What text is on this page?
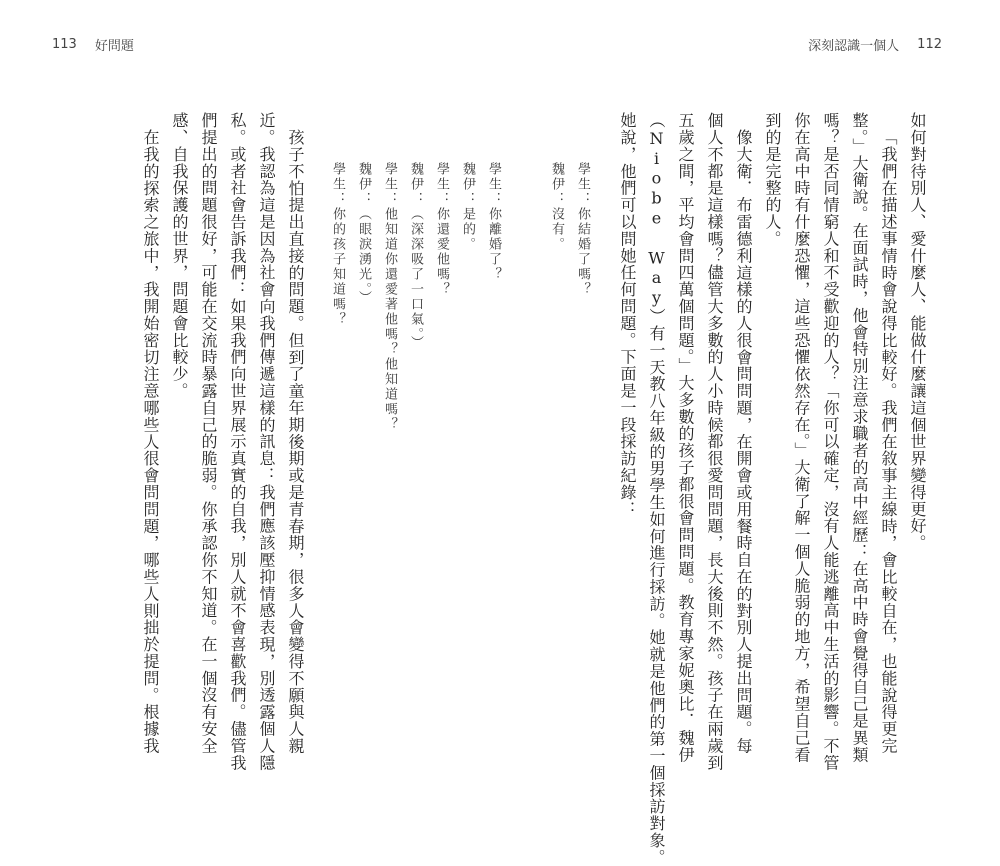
113 好問題	深刻認識一個人 112
如何對待別人、愛什麼人、能做什麼讓這個世界變得更好。
「我們在描述事情時會說得比較好。我們在敘事主線時，會比較自在，也能說得更完
整。」大衛說。在面試時，他會特別注意求職者的高中經歷：在高中時會覺得自己是異類
嗎？是否同情窮人和不受歡迎的人？「你可以確定，沒有人能逃離高中生活的影響。不管
你在高中時有什麼恐懼，這些恐懼依然存在。」大衛了解一個人脆弱的地方，希望自己看
到的是完整的人。
像大衛．布雷德利這樣的人很會問問題，在開會或用餐時自在的對別人提出問題。每
個人不都是這樣嗎？儘管大多數的人小時候都很愛問問題，長大後則不然。孩子在兩歲到
五歲之間，平均會問四萬個問題。」大多數的孩子都很會問問題。教育專家妮奧比．魏伊
（Niobe Way）有一天教八年級的男學生如何進行採訪。她就是他們的第一個採訪對象。
她說，他們可以問她任何問題。下面是一段採訪紀錄：
學生：你結婚了嗎？
魏伊：沒有。
學生：你離婚了？
魏伊：是的。
學生：你還愛他嗎？
魏伊：（深深吸了一口氣。）
學生：他知道你還愛著他嗎？他知道嗎？
魏伊：（眼淚湧光。）
學生：你的孩子知道嗎？
孩子不怕提出直接的問題。但到了童年期後期或是青春期，很多人會變得不願與人親
近。我認為這是因為社會向我們傳遞這樣的訊息：我們應該壓抑情感表現，別透露個人隱
私。或者社會告訴我們：如果我們向世界展示真實的自我，別人就不會喜歡我們。儘管我
們提出的問題很好，可能在交流時暴露自己的脆弱。你承認你不知道。在一個沒有安全
感、自我保護的世界，問題會比較少。
在我的探索之旅中，我開始密切注意哪些人很會問問題，哪些人則拙於提問。根據我
